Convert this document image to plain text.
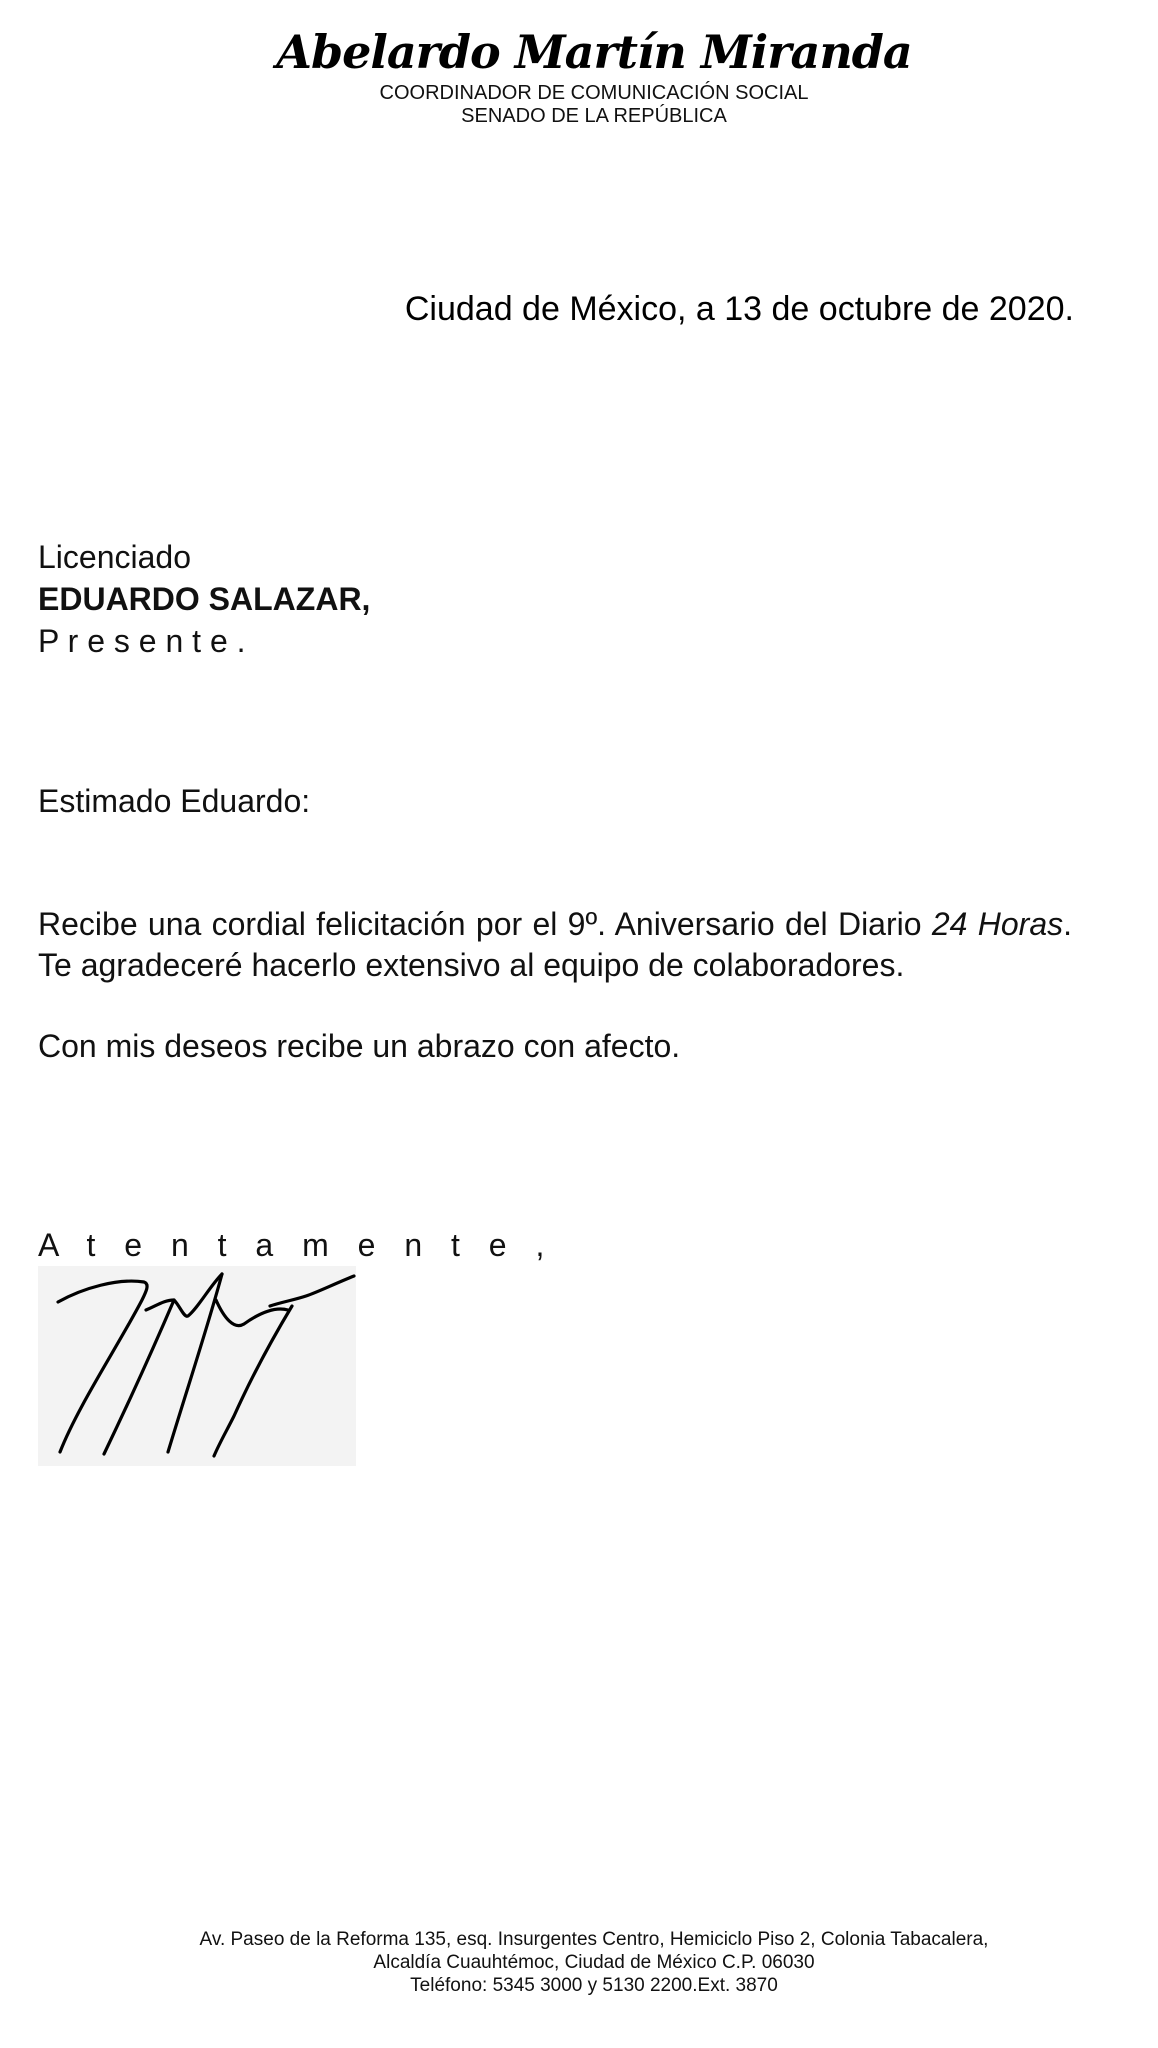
Abelardo Martín Miranda
COORDINADOR DE COMUNICACIÓN SOCIAL
SENADO DE LA REPÚBLICA
Ciudad de México, a 13 de octubre de 2020.
Licenciado
EDUARDO SALAZAR,
P r e s e n t e .
Estimado Eduardo:

Recibe una cordial felicitación por el 9º. Aniversario del Diario 24 Horas. Te agradeceré hacerlo extensivo al equipo de colaboradores.

Con mis deseos recibe un abrazo con afecto.

A t e n t a m e n t e ,
Av. Paseo de la Reforma 135, esq. Insurgentes Centro, Hemiciclo Piso 2, Colonia Tabacalera,
Alcaldía Cuauhtémoc, Ciudad de México C.P. 06030
Teléfono: 5345 3000 y 5130 2200.Ext. 3870
